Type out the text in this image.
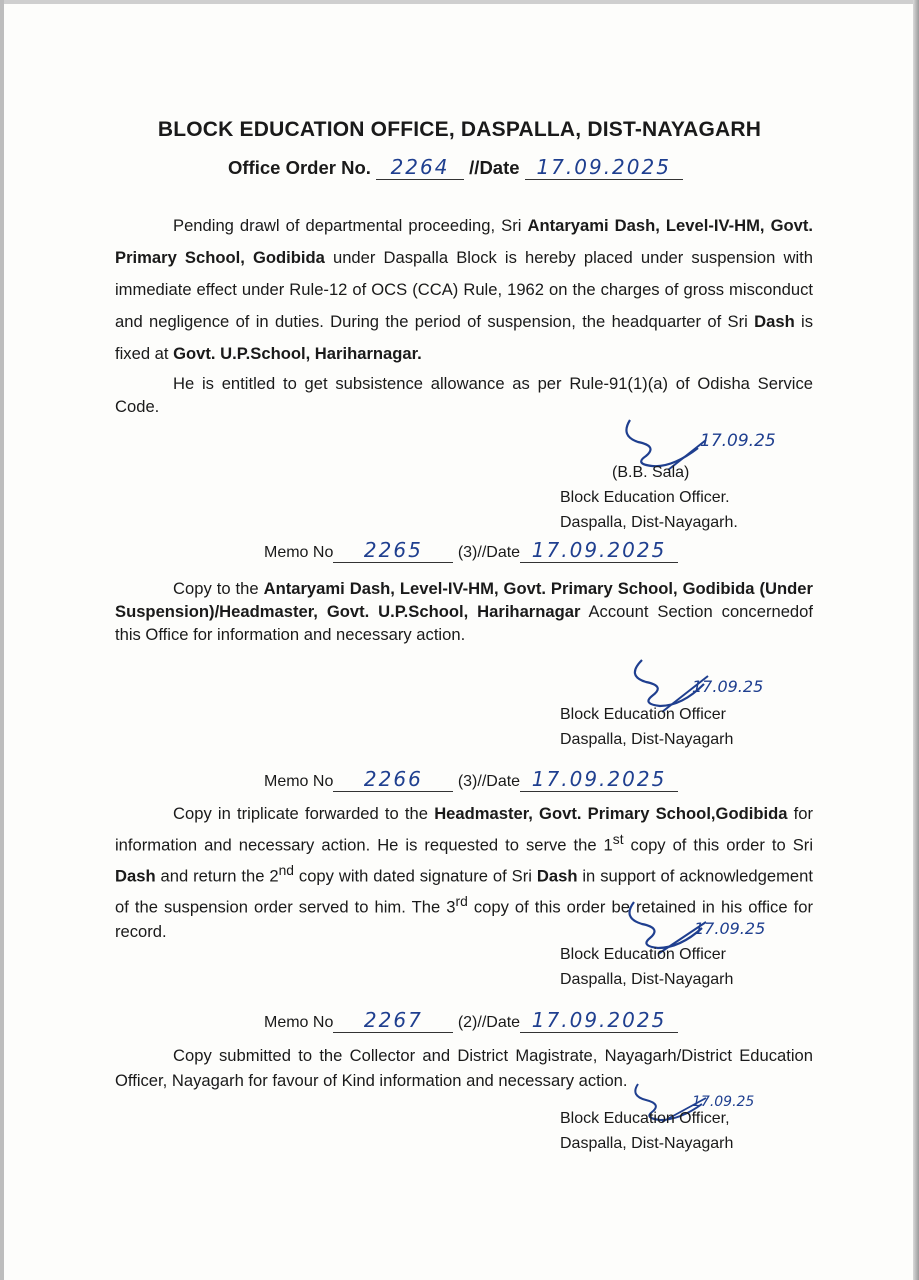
BLOCK EDUCATION OFFICE, DASPALLA, DIST-NAYAGARH
Office Order No. 2264 //Date 17.09.2025

Pending drawl of departmental proceeding, Sri Antaryami Dash, Level-IV-HM, Govt. Primary School, Godibida under Daspalla Block is hereby placed under suspension with immediate effect under Rule-12 of OCS (CCA) Rule, 1962 on the charges of gross misconduct and negligence of in duties. During the period of suspension, the headquarter of Sri Dash is fixed at Govt. U.P.School, Hariharnagar.

He is entitled to get subsistence allowance as per Rule-91(1)(a) of Odisha Service Code.

17.09.25
(B.B. Sala)
Block Education Officer.
Daspalla, Dist-Nayagarh.
Memo No 2265 (3)//Date 17.09.2025

Copy to the Antaryami Dash, Level-IV-HM, Govt. Primary School, Godibida (Under Suspension)/Headmaster, Govt. U.P.School, Hariharnagar Account Section concernedof this Office for information and necessary action.

17.09.25
Block Education Officer
Daspalla, Dist-Nayagarh
Memo No 2266 (3)//Date 17.09.2025

Copy in triplicate forwarded to the Headmaster, Govt. Primary School,Godibida for information and necessary action. He is requested to serve the 1st copy of this order to Sri Dash and return the 2nd copy with dated signature of Sri Dash in support of acknowledgement of the suspension order served to him. The 3rd copy of this order be retained in his office for record.	17.09.25
Block Education Officer
Daspalla, Dist-Nayagarh
Memo No 2267 (2)//Date 17.09.2025

Copy submitted to the Collector and District Magistrate, Nayagarh/District Education Officer, Nayagarh for favour of Kind information and necessary action.

17.09.25
Block Education Officer,
Daspalla, Dist-Nayagarh
